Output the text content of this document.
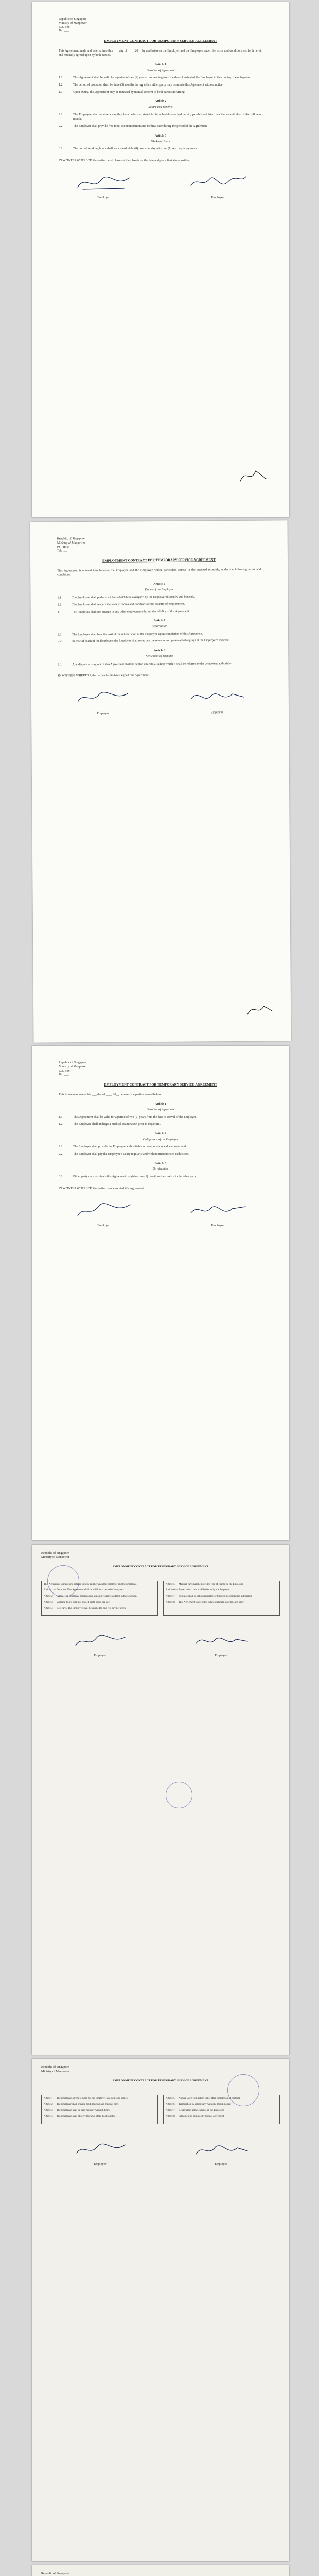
Republic of Singapore
Ministry of Manpower
P.O. Box: ___
Tel: ___
EMPLOYMENT CONTRACT FOR TEMPORARY SERVICE AGREEMENT

This Agreement made and entered into this ___ day of ____ 20__ by and between the Employer and the Employee under the terms and conditions set forth herein and mutually agreed upon by both parties.

Article 1
Duration of Agreement
1.1	This Agreement shall be valid for a period of two (2) years commencing from the date of arrival of the Employee in the country of employment.
1.2	The period of probation shall be three (3) months during which either party may terminate this Agreement without notice.
1.3	Upon expiry, this Agreement may be renewed by mutual consent of both parties in writing.
Article 2
Salary and Benefits
2.1	The Employee shall receive a monthly basic salary as stated in the schedule attached hereto, payable not later than the seventh day of the following month.
2.2	The Employer shall provide free food, accommodation and medical care during the period of the Agreement.
Article 3
Working Hours
3.1	The normal working hours shall not exceed eight (8) hours per day with one (1) rest day every week.

IN WITNESS WHEREOF, the parties hereto have set their hands on the date and place first above written.

Employer	Employee
Republic of Singapore
Ministry of Manpower
P.O. Box: ___
Tel: ___
EMPLOYMENT CONTRACT FOR TEMPORARY SERVICE AGREEMENT

This Agreement is entered into between the Employer and the Employee whose particulars appear in the attached schedule, under the following terms and conditions.

Article 1
Duties of the Employee
1.1	The Employee shall perform all household duties assigned by the Employer diligently and honestly.
1.2	The Employee shall respect the laws, customs and traditions of the country of employment.
1.3	The Employee shall not engage in any other employment during the validity of this Agreement.
Article 2
Repatriation
2.1	The Employer shall bear the cost of the return ticket of the Employee upon completion of this Agreement.
2.2	In case of death of the Employee, the Employer shall repatriate the remains and personal belongings at the Employer's expense.
Article 3
Settlement of Disputes
3.1	Any dispute arising out of this Agreement shall be settled amicably, failing which it shall be referred to the competent authorities.

IN WITNESS WHEREOF, the parties hereto have signed this Agreement.

Employer	Employee
Republic of Singapore
Ministry of Manpower
P.O. Box: ___
Tel: ___
EMPLOYMENT CONTRACT FOR TEMPORARY SERVICE AGREEMENT

This Agreement made this ___ day of ____ 20__ between the parties named below.

Article 1
Duration of Agreement
1.1	This Agreement shall be valid for a period of two (2) years from the date of arrival of the Employee.
1.2	The Employee shall undergo a medical examination prior to departure.
Article 2
Obligations of the Employer
2.1	The Employer shall provide the Employee with suitable accommodation and adequate food.
2.2	The Employer shall pay the Employee's salary regularly and without unauthorised deductions.
Article 3
Termination
3.1	Either party may terminate this Agreement by giving one (1) month written notice to the other party.

IN WITNESS WHEREOF, the parties have executed this Agreement.

Employer	Employee
Republic of Singapore
Ministry of Manpower
EMPLOYMENT CONTRACT FOR TEMPORARY SERVICE AGREEMENT

This Agreement is made and entered into by and between the Employer and the Employee.

Article 1 — Duration. This Agreement shall be valid for a period of two years.

Article 2 — Salary. The Employee shall receive a monthly salary as stated in the schedule.

Article 3 — Working hours shall not exceed eight hours per day.

Article 4 — Rest days. The Employee shall be entitled to one rest day per week.

Article 5 — Medical care shall be provided free of charge by the Employer.

Article 6 — Repatriation costs shall be borne by the Employer.

Article 7 — Disputes shall be settled amicably or through the competent authorities.

Article 8 — This Agreement is executed in two originals, one for each party.

Employer	Employee
Republic of Singapore
Ministry of Manpower
EMPLOYMENT CONTRACT FOR TEMPORARY SERVICE AGREEMENT

Article 1 — The Employee agrees to work for the Employer as a domestic helper.

Article 2 — The Employer shall provide food, lodging and medical care.

Article 3 — The Employee shall be paid monthly without delay.

Article 4 — The Employee shall observe the laws of the host country.

Article 5 — Annual leave with return ticket after completion of contract.

Article 6 — Termination by either party with one month notice.

Article 7 — Repatriation at the expense of the Employer.

Article 8 — Settlement of disputes by mutual agreement.

Employer	Employee
Republic of Singapore
